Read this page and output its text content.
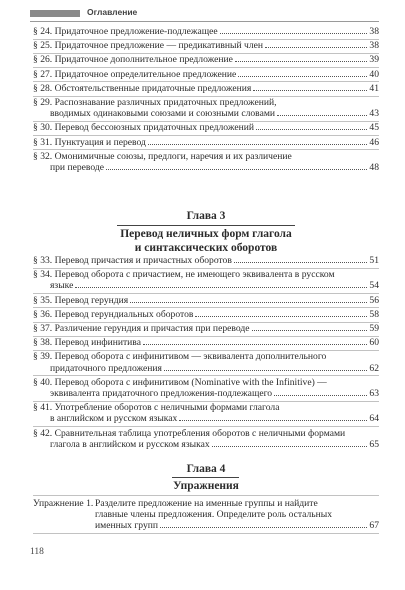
Оглавление
§ 24. Придаточное предложение-подлежащее	38
§ 25. Придаточное предложение — предикативный член	38
§ 26. Придаточное дополнительное предложение	39
§ 27. Придаточное определительное предложение	40
§ 28. Обстоятельственные придаточные предложения	41
§ 29. Распознавание различных придаточных предложений,
вводимых одинаковыми союзами и союзными словами	43
§ 30. Перевод бессоюзных придаточных предложений	45
§ 31. Пунктуация и перевод	46
§ 32. Омонимичные союзы, предлоги, наречия и их различение
при переводе	48
Глава 3
Перевод неличных форм глагола
и синтаксических оборотов
§ 33. Перевод причастия и причастных оборотов	51
§ 34. Перевод оборота с причастием, не имеющего эквивалента в русском
языке	54
§ 35. Перевод герундия	56
§ 36. Перевод герундиальных оборотов	58
§ 37. Различение герундия и причастия при переводе	59
§ 38. Перевод инфинитива	60
§ 39. Перевод оборота с инфинитивом — эквивалента дополнительного
придаточного предложения	62
§ 40. Перевод оборота с инфинитивом (Nominative with the Infinitive) —
эквивалента придаточного предложения-подлежащего	63
§ 41. Употребление оборотов с неличными формами глагола
в английском и русском языках	64
§ 42. Сравнительная таблица употребления оборотов с неличными формами
глагола в английском и русском языках	65
Глава 4
Упражнения
Упражнение 1. Разделите предложение на именные группы и найдите
главные члены предложения. Определите роль остальных
именных групп	67
118
